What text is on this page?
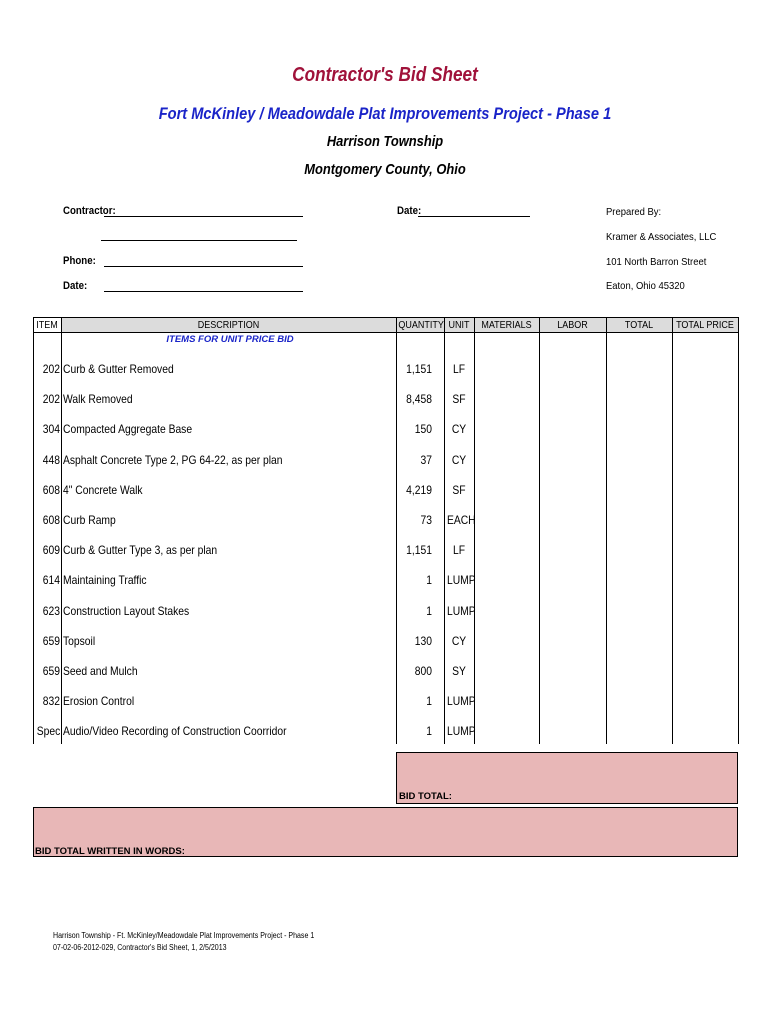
Contractor's Bid Sheet
Fort McKinley / Meadowdale Plat Improvements Project - Phase 1
Harrison Township
Montgomery County, Ohio
Contractor:	Date:
Phone:
Date:
Prepared By:
Kramer & Associates, LLC
101 North Barron Street
Eaton, Ohio 45320
ITEM	DESCRIPTION	QUANTITY UNIT	MATERIALS	LABOR	TOTAL	TOTAL PRICE
ITEMS FOR UNIT PRICE BID
202 Curb & Gutter Removed	1,151	LF
202 Walk Removed	8,458	SF
304 Compacted Aggregate Base	150	CY
448 Asphalt Concrete Type 2, PG 64-22, as per plan	37	CY
608 4" Concrete Walk	4,219	SF
608 Curb Ramp	73 EACH
609 Curb & Gutter Type 3, as per plan	1,151	LF
614 Maintaining Traffic	1 LUMP
623 Construction Layout Stakes	1 LUMP
659 Topsoil	130	CY
659 Seed and Mulch	800	SY
832 Erosion Control	1 LUMP
Spec Audio/Video Recording of Construction Coorridor	1 LUMP
BID TOTAL:
BID TOTAL WRITTEN IN WORDS:
Harrison Township - Ft. McKinley/Meadowdale Plat Improvements Project - Phase 1
07-02-06-2012-029, Contractor's Bid Sheet, 1, 2/5/2013
